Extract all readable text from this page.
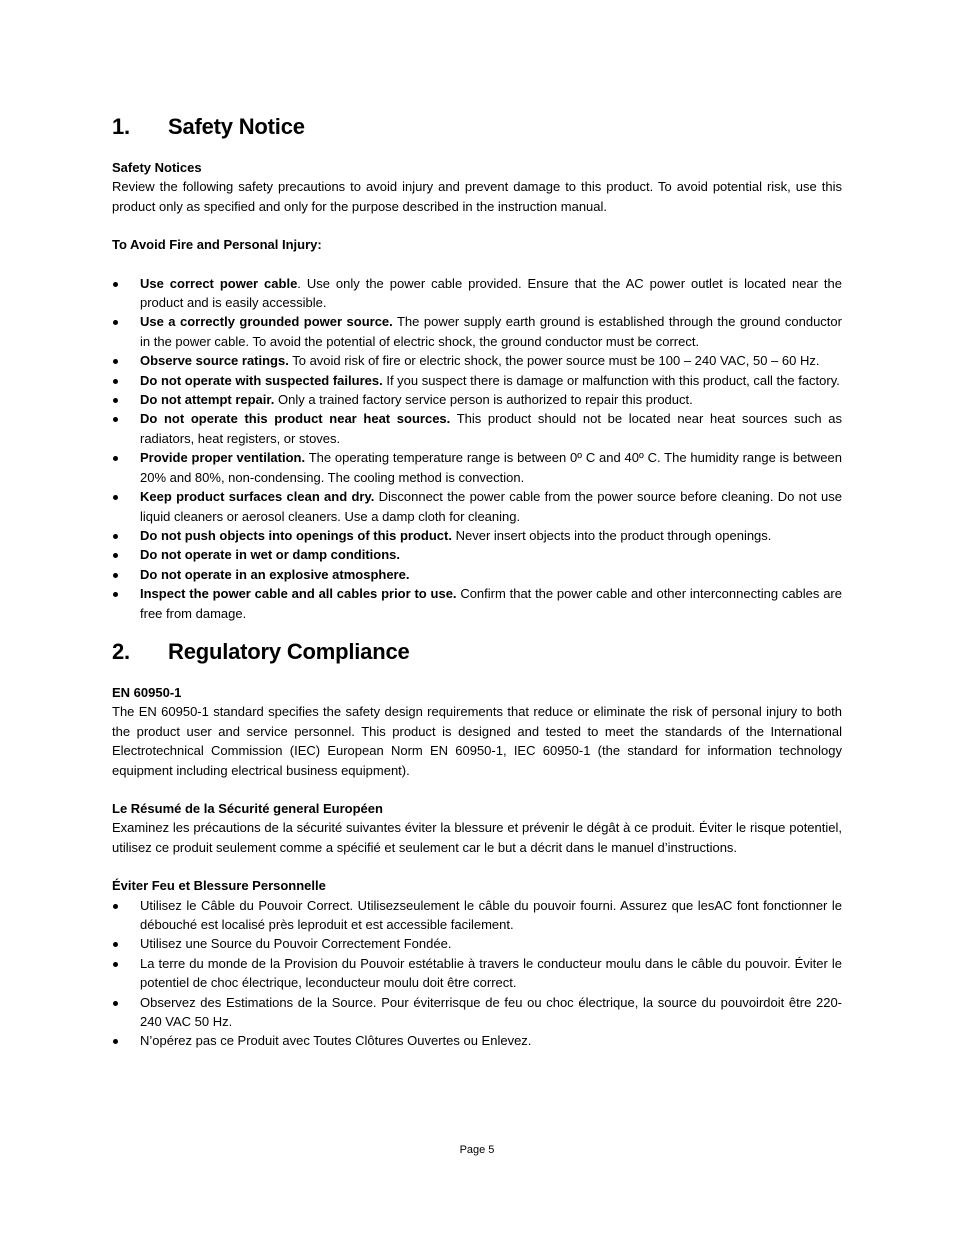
1.	Safety Notice

Safety Notices

Review the following safety precautions to avoid injury and prevent damage to this product. To avoid potential risk, use this product only as specified and only for the purpose described in the instruction manual.

To Avoid Fire and Personal Injury:

Use correct power cable. Use only the power cable provided. Ensure that the AC power outlet is located near the product and is easily accessible.
Use a correctly grounded power source. The power supply earth ground is established through the ground conductor in the power cable. To avoid the potential of electric shock, the ground conductor must be correct.
Observe source ratings. To avoid risk of fire or electric shock, the power source must be 100 – 240 VAC, 50 – 60 Hz.
Do not operate with suspected failures. If you suspect there is damage or malfunction with this product, call the factory.
Do not attempt repair. Only a trained factory service person is authorized to repair this product.
Do not operate this product near heat sources. This product should not be located near heat sources such as radiators, heat registers, or stoves.
Provide proper ventilation. The operating temperature range is between 0º C and 40º C. The humidity range is between 20% and 80%, non-condensing. The cooling method is convection.
Keep product surfaces clean and dry. Disconnect the power cable from the power source before cleaning. Do not use liquid cleaners or aerosol cleaners. Use a damp cloth for cleaning.
Do not push objects into openings of this product. Never insert objects into the product through openings.
Do not operate in wet or damp conditions.
Do not operate in an explosive atmosphere.
Inspect the power cable and all cables prior to use. Confirm that the power cable and other interconnecting cables are free from damage.
2.	Regulatory Compliance

EN 60950-1

The EN 60950-1 standard specifies the safety design requirements that reduce or eliminate the risk of personal injury to both the product user and service personnel. This product is designed and tested to meet the standards of the International Electrotechnical Commission (IEC) European Norm EN 60950-1, IEC 60950-1 (the standard for information technology equipment including electrical business equipment).

Le Résumé de la Sécurité general Européen

Examinez les précautions de la sécurité suivantes éviter la blessure et prévenir le dégât à ce produit. Éviter le risque potentiel, utilisez ce produit seulement comme a spécifié et seulement car le but a décrit dans le manuel d’instructions.

Éviter Feu et Blessure Personnelle

Utilisez le Câble du Pouvoir Correct. Utilisezseulement le câble du pouvoir fourni. Assurez que lesAC font fonctionner le débouché est localisé près leproduit et est accessible facilement.
Utilisez une Source du Pouvoir Correctement Fondée.
La terre du monde de la Provision du Pouvoir estétablie à travers le conducteur moulu dans le câble du pouvoir. Éviter le potentiel de choc électrique, leconducteur moulu doit être correct.
Observez des Estimations de la Source. Pour éviterrisque de feu ou choc électrique, la source du pouvoirdoit être 220-240 VAC 50 Hz.
N’opérez pas ce Produit avec Toutes Clôtures Ouvertes ou Enlevez.
Page 5
